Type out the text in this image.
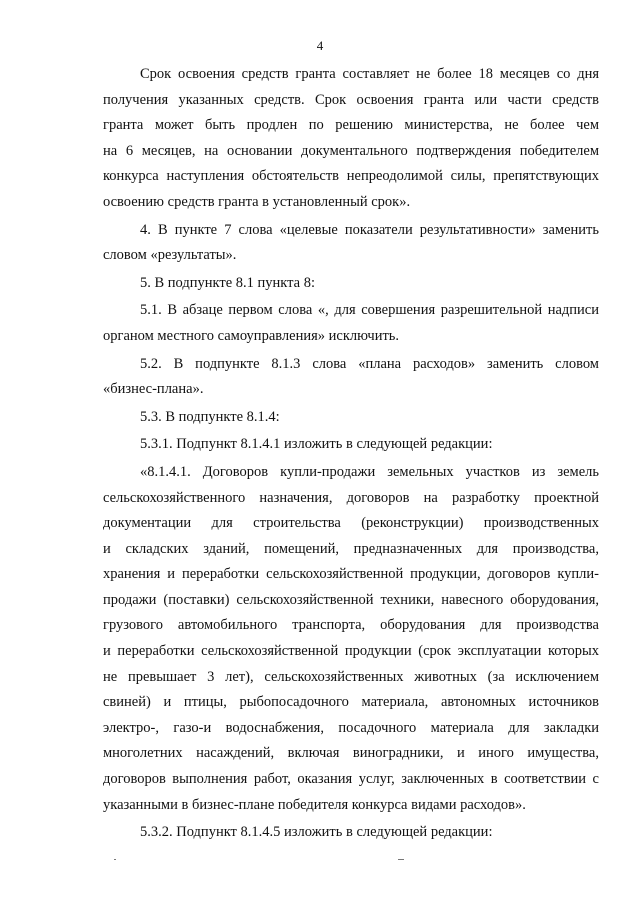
4
Срок освоения средств гранта составляет не более 18 месяцев со дня
получения указанных средств. Срок освоения гранта или части средств
гранта может быть продлен по решению министерства, не более чем
на 6 месяцев, на основании документального подтверждения победителем
конкурса наступления обстоятельств непреодолимой силы, препятствующих
освоению средств гранта в установленный срок».
4. В пункте 7 слова «целевые показатели результативности» заменить
словом «результаты».
5. В подпункте 8.1 пункта 8:
5.1. В абзаце первом слова «, для совершения разрешительной надписи
органом местного самоуправления» исключить.
5.2. В подпункте 8.1.3 слова «плана расходов» заменить словом
«бизнес-плана».
5.3. В подпункте 8.1.4:
5.3.1. Подпункт 8.1.4.1 изложить в следующей редакции:
«8.1.4.1. Договоров купли-продажи земельных участков из земель
сельскохозяйственного назначения, договоров на разработку проектной
документации для строительства (реконструкции) производственных
и складских зданий, помещений, предназначенных для производства,
хранения и переработки сельскохозяйственной продукции, договоров купли-
продажи (поставки) сельскохозяйственной техники, навесного оборудования,
грузового автомобильного транспорта, оборудования для производства
и переработки сельскохозяйственной продукции (срок эксплуатации которых
не превышает 3 лет), сельскохозяйственных животных (за исключением
свиней) и птицы, рыбопосадочного материала, автономных источников
электро-, газо-и водоснабжения, посадочного материала для закладки
многолетних насаждений, включая виноградники, и иного имущества,
договоров выполнения работ, оказания услуг, заключенных в соответствии с
указанными в бизнес-плане победителя конкурса видами расходов».
5.3.2. Подпункт 8.1.4.5 изложить в следующей редакции:
